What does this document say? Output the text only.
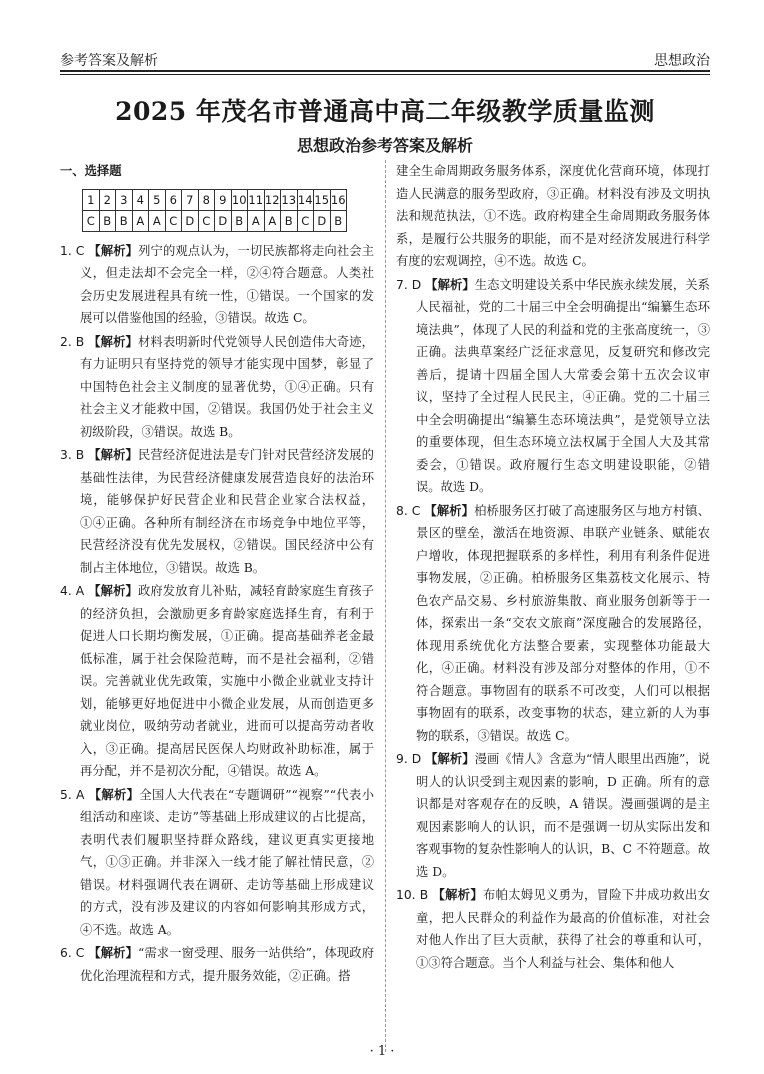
参考答案及解析	思想政治
2025 年茂名市普通高中高二年级教学质量监测
思想政治参考答案及解析
一、选择题
1	2	3	4	5	6	7	8	9	10	11	12	13	14	15	16
C	B	B	A	A	C	D	C	D	B	A	A	B	C	D	B
1. C 【解析】列宁的观点认为，一切民族都将走向社会主义，但走法却不会完全一样，②④符合题意。人类社会历史发展进程具有统一性，①错误。一个国家的发展可以借鉴他国的经验，③错误。故选 C。
2. B 【解析】材料表明新时代党领导人民创造伟大奇迹，有力证明只有坚持党的领导才能实现中国梦，彰显了中国特色社会主义制度的显著优势，①④正确。只有社会主义才能救中国，②错误。我国仍处于社会主义初级阶段，③错误。故选 B。
3. B 【解析】民营经济促进法是专门针对民营经济发展的基础性法律，为民营经济健康发展营造良好的法治环境，能够保护好民营企业和民营企业家合法权益，①④正确。各种所有制经济在市场竞争中地位平等，民营经济没有优先发展权，②错误。国民经济中公有制占主体地位，③错误。故选 B。
4. A 【解析】政府发放育儿补贴，减轻育龄家庭生育孩子的经济负担，会激励更多育龄家庭选择生育，有利于促进人口长期均衡发展，①正确。提高基础养老金最低标准，属于社会保险范畴，而不是社会福利，②错误。完善就业优先政策，实施中小微企业就业支持计划，能够更好地促进中小微企业发展，从而创造更多就业岗位，吸纳劳动者就业，进而可以提高劳动者收入，③正确。提高居民医保人均财政补助标准，属于再分配，并不是初次分配，④错误。故选 A。
5. A 【解析】全国人大代表在“专题调研”“视察”“代表小组活动和座谈、走访”等基础上形成建议的占比提高，表明代表们履职坚持群众路线，建议更真实更接地气，①③正确。并非深入一线才能了解社情民意，②错误。材料强调代表在调研、走访等基础上形成建议的方式，没有涉及建议的内容如何影响其形成方式，④不选。故选 A。
6. C 【解析】“需求一窗受理、服务一站供给”，体现政府优化治理流程和方式，提升服务效能，②正确。搭
建全生命周期政务服务体系，深度优化营商环境，体现打造人民满意的服务型政府，③正确。材料没有涉及文明执法和规范执法，①不选。政府构建全生命周期政务服务体系，是履行公共服务的职能，而不是对经济发展进行科学有度的宏观调控，④不选。故选 C。
7. D 【解析】生态文明建设关系中华民族永续发展，关系人民福祉，党的二十届三中全会明确提出“编纂生态环境法典”，体现了人民的利益和党的主张高度统一，③正确。法典草案经广泛征求意见，反复研究和修改完善后，提请十四届全国人大常委会第十五次会议审议，坚持了全过程人民民主，④正确。党的二十届三中全会明确提出“编纂生态环境法典”，是党领导立法的重要体现，但生态环境立法权属于全国人大及其常委会，①错误。政府履行生态文明建设职能，②错误。故选 D。
8. C 【解析】柏桥服务区打破了高速服务区与地方村镇、景区的壁垒，激活在地资源、串联产业链条、赋能农户增收，体现把握联系的多样性，利用有利条件促进事物发展，②正确。柏桥服务区集荔枝文化展示、特色农产品交易、乡村旅游集散、商业服务创新等于一体，探索出一条“交农文旅商”深度融合的发展路径，体现用系统优化方法整合要素，实现整体功能最大化，④正确。材料没有涉及部分对整体的作用，①不符合题意。事物固有的联系不可改变，人们可以根据事物固有的联系，改变事物的状态，建立新的人为事物的联系，③错误。故选 C。
9. D 【解析】漫画《情人》含意为“情人眼里出西施”，说明人的认识受到主观因素的影响，D 正确。所有的意识都是对客观存在的反映，A 错误。漫画强调的是主观因素影响人的认识，而不是强调一切从实际出发和客观事物的复杂性影响人的认识，B、C 不符题意。故选 D。
10. B 【解析】布帕太姆见义勇为，冒险下井成功救出女童，把人民群众的利益作为最高的价值标准，对社会对他人作出了巨大贡献，获得了社会的尊重和认可，①③符合题意。当个人利益与社会、集体和他人
· 1 ·
